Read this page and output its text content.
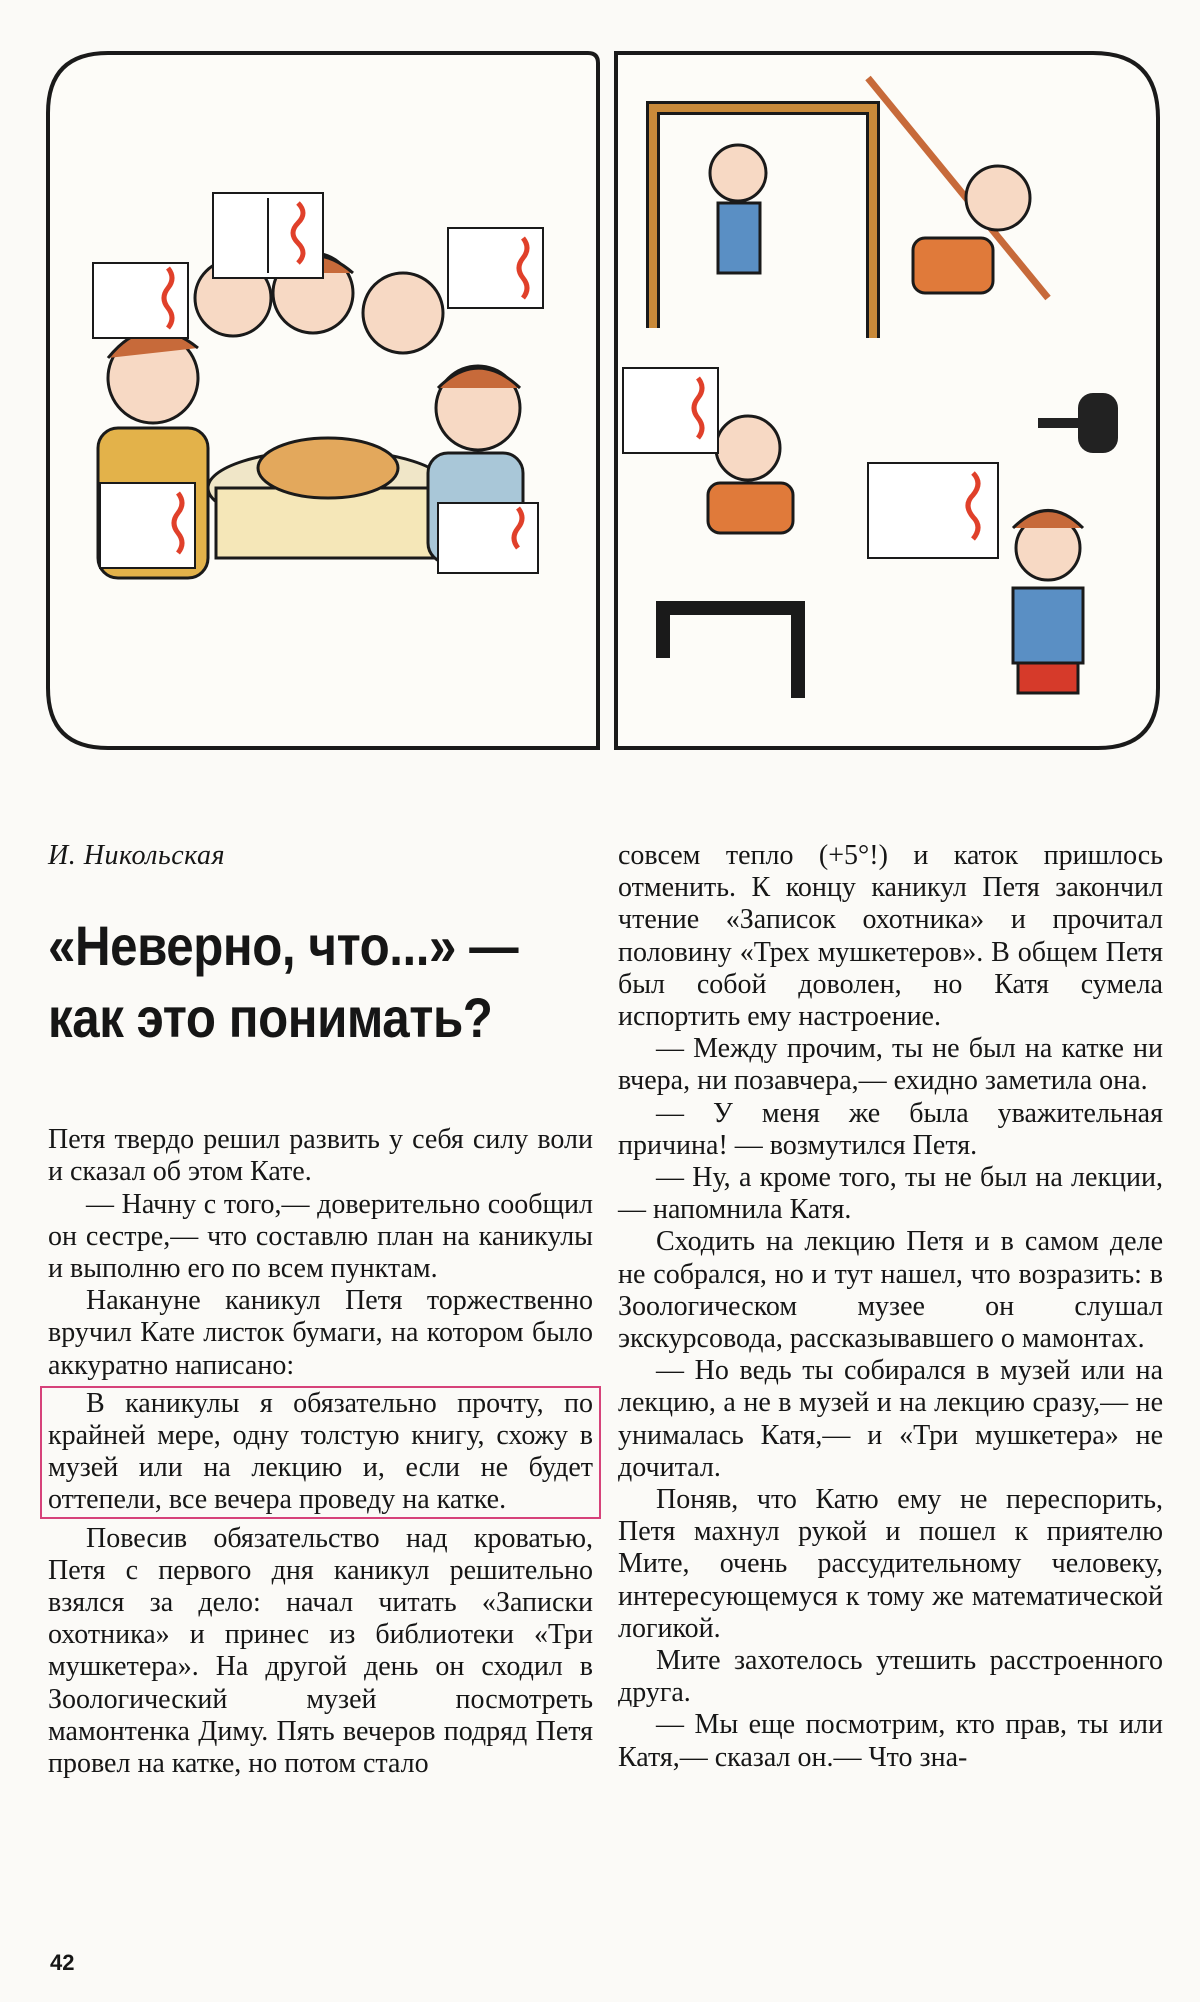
И. Никольская

«Неверно, что...» —
как это понимать?

Петя твердо решил развить у себя силу воли и сказал об этом Кате.

— Начну с того,— доверительно сообщил он сестре,— что составлю план на каникулы и выполню его по всем пунктам.

Накануне каникул Петя торжественно вручил Кате листок бумаги, на котором было аккуратно написано:

В каникулы я обязательно прочту, по крайней мере, одну толстую книгу, схожу в музей или на лекцию и, если не будет оттепели, все вечера проведу на катке.

Повесив обязательство над кроватью, Петя с первого дня каникул решительно взялся за дело: начал читать «Записки охотника» и принес из библиотеки «Три мушкетера». На другой день он сходил в Зоологический музей посмотреть мамонтенка Диму. Пять вечеров подряд Петя провел на катке, но потом стало

совсем тепло (+5°!) и каток пришлось отменить. К концу каникул Петя закончил чтение «Записок охотника» и прочитал половину «Трех мушкетеров». В общем Петя был собой доволен, но Катя сумела испортить ему настроение.

— Между прочим, ты не был на катке ни вчера, ни позавчера,— ехидно заметила она.

— У меня же была уважительная причина! — возмутился Петя.

— Ну, а кроме того, ты не был на лекции,— напомнила Катя.

Сходить на лекцию Петя и в самом деле не собрался, но и тут нашел, что возразить: в Зоологическом музее он слушал экскурсовода, рассказывавшего о мамонтах.

— Но ведь ты собирался в музей или на лекцию, а не в музей и на лекцию сразу,— не унималась Катя,— и «Три мушкетера» не дочитал.

Поняв, что Катю ему не переспорить, Петя махнул рукой и пошел к приятелю Мите, очень рассудительному человеку, интересующемуся к тому же математической логикой.

Мите захотелось утешить расстроенного друга.

— Мы еще посмотрим, кто прав, ты или Катя,— сказал он.— Что зна-

42
